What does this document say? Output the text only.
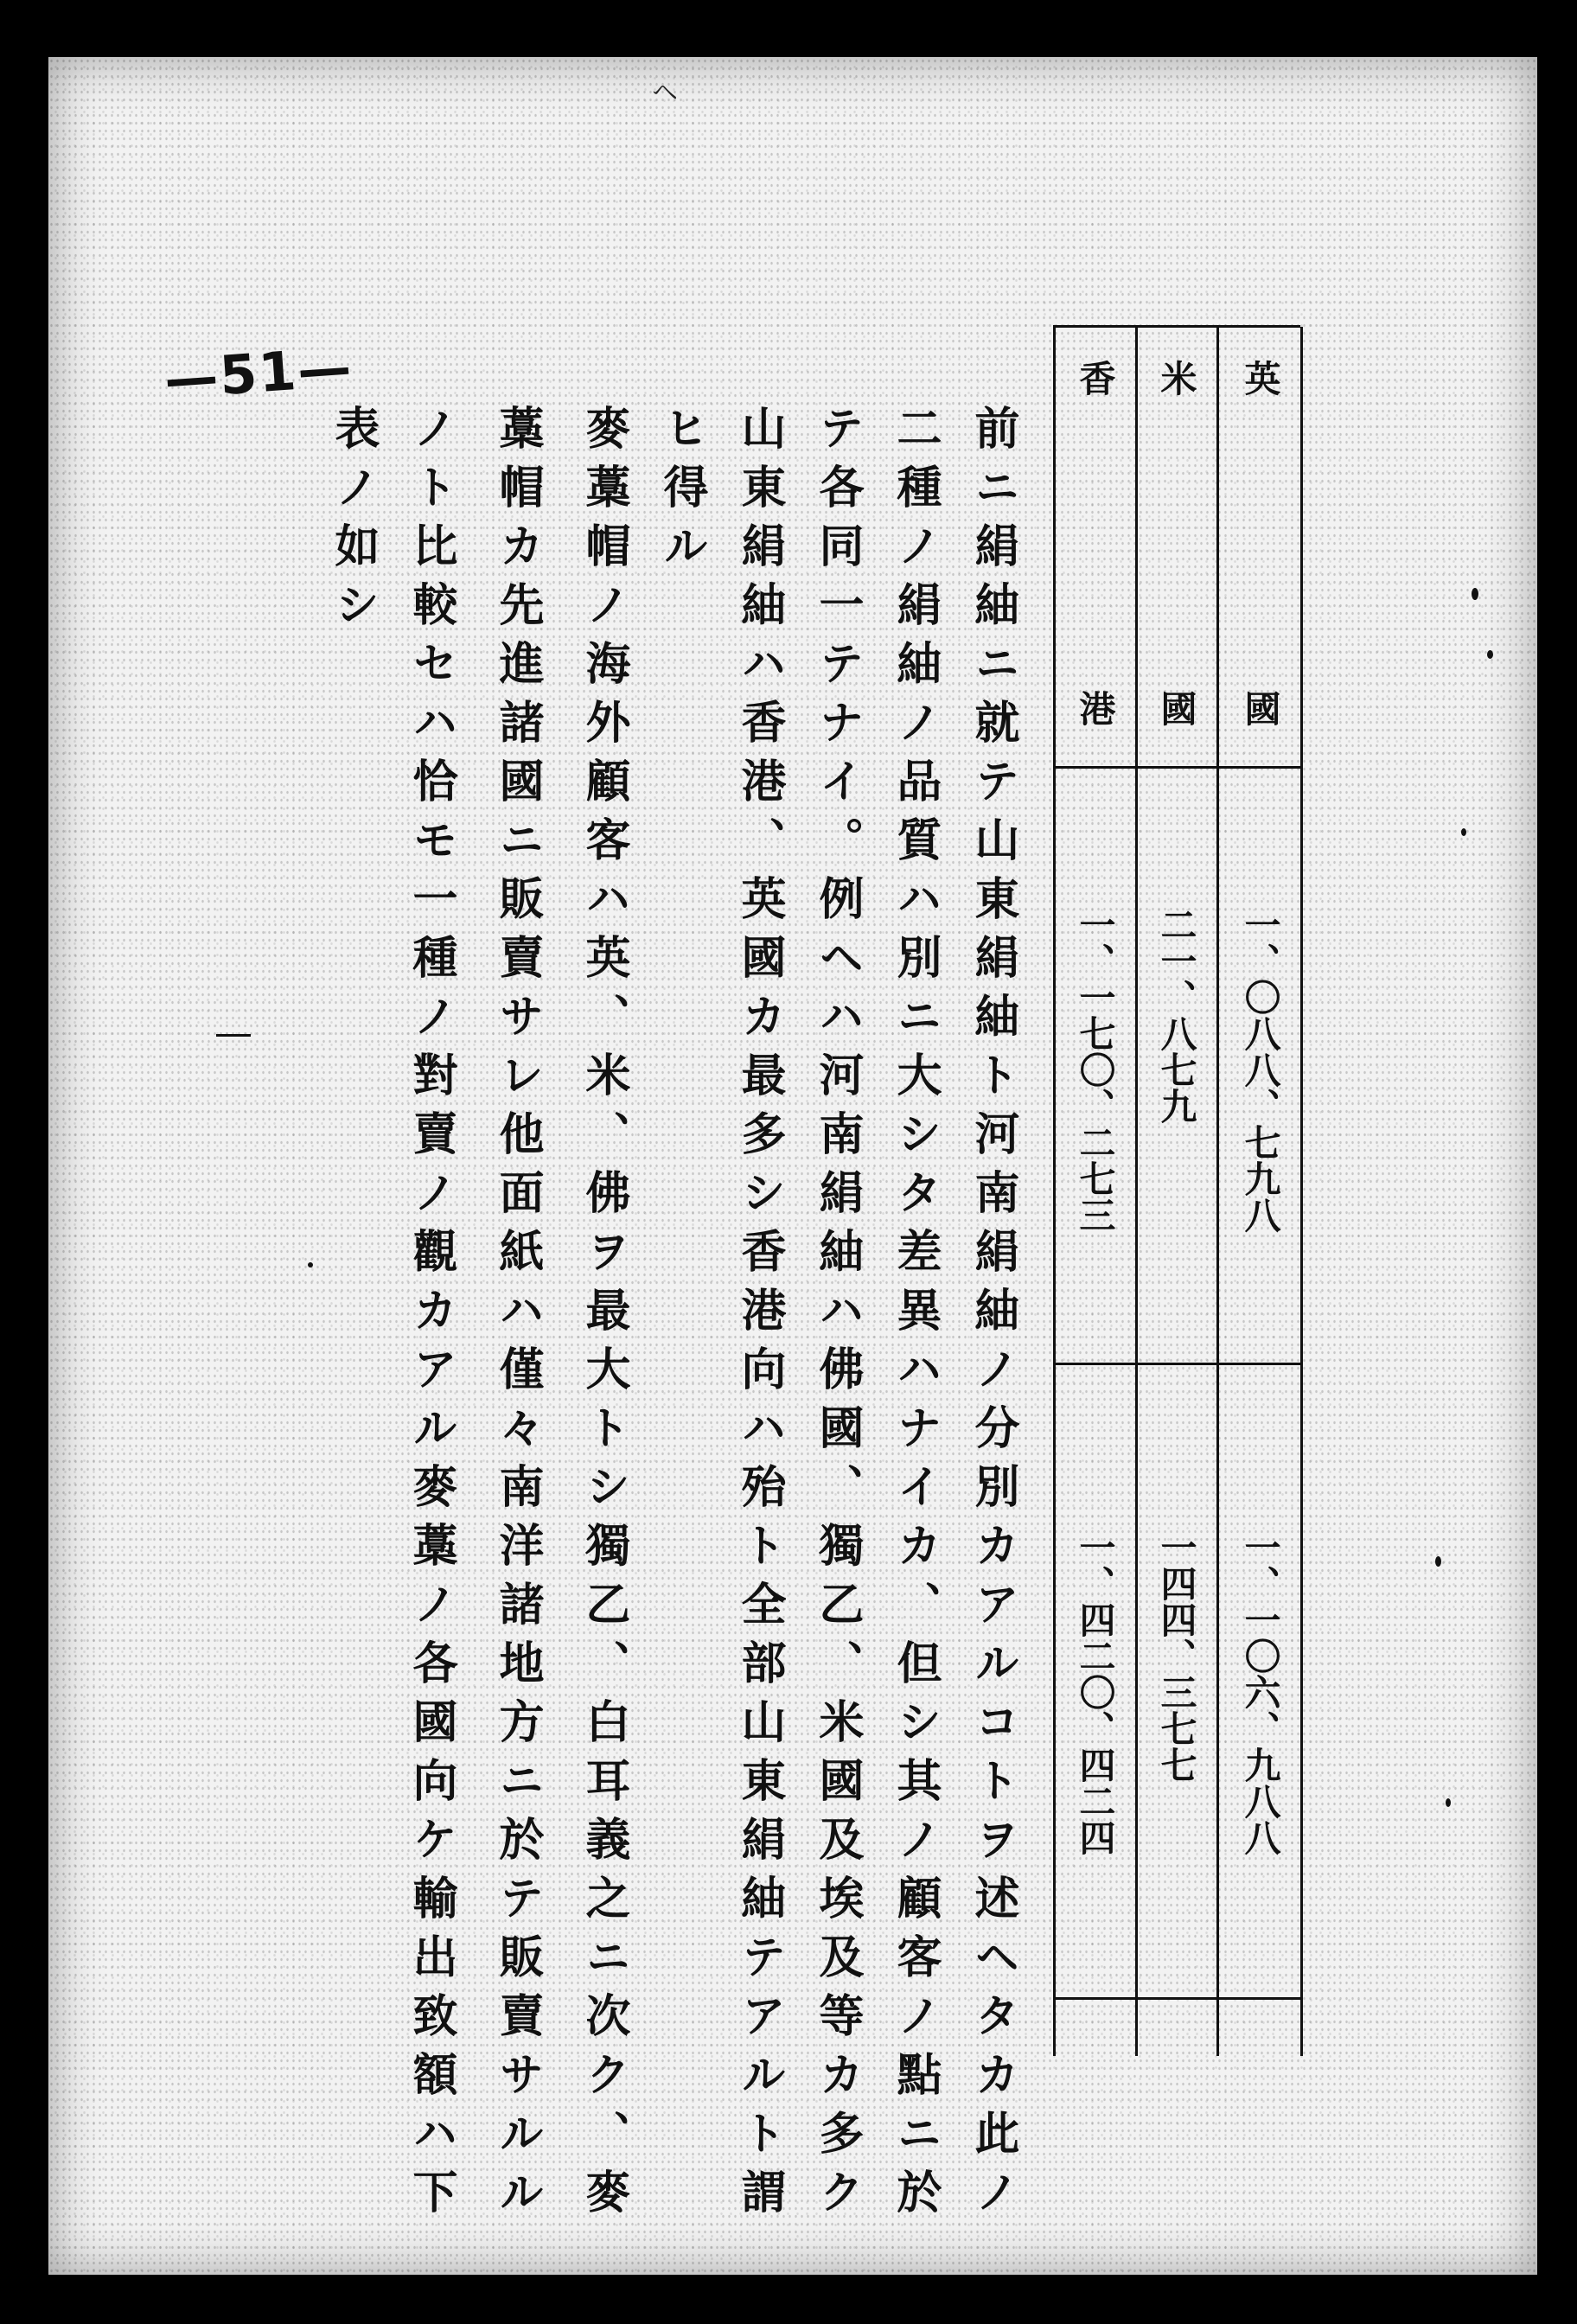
ヘ
—51—	英
一、〇八八、七九八
一、一〇六、九八八
國
米
二一、八七九
一四四、三七七
國
香
一、一七〇、二七三
一、四二〇、四二四
港
前ニ絹紬ニ就テ山東絹紬ト河南絹紬ノ分別カアルコトヲ述ヘタカ此ノ
二種ノ絹紬ノ品質ハ別ニ大シタ差異ハナイカ、但シ其ノ顧客ノ點ニ於
テ各同一テナイ。例ヘハ河南絹紬ハ佛國、獨乙、米國及埃及等カ多ク
山東絹紬ハ香港、英國カ最多シ香港向ハ殆ト全部山東絹紬テアルト謂
ヒ得ル
麥藁帽ノ海外顧客ハ英、米、佛ヲ最大トシ獨乙、白耳義之ニ次ク、麥
藁帽カ先進諸國ニ販賣サレ他面紙ハ僅々南洋諸地方ニ於テ販賣サルル
ノト比較セハ恰モ一種ノ對賣ノ觀カアル麥藁ノ各國向ケ輸出致額ハ下
表ノ如シ
